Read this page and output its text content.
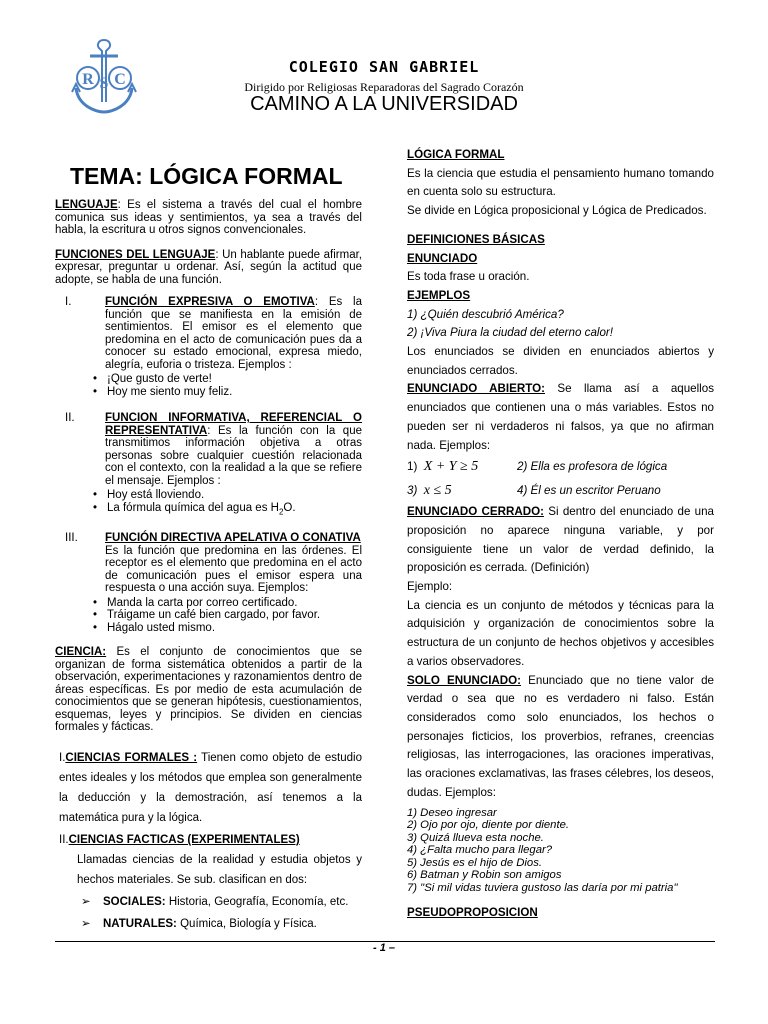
R S C
COLEGIO SAN GABRIEL
Dirigido por Religiosas Reparadoras del Sagrado Corazón
CAMINO A LA UNIVERSIDAD
TEMA: LÓGICA FORMAL

LENGUAJE: Es el sistema a través del cual el hombre comunica sus ideas y sentimientos, ya sea a través del habla, la escritura u otros signos convencionales.

FUNCIONES DEL LENGUAJE: Un hablante puede afirmar, expresar, preguntar u ordenar. Así, según la actitud que adopte, se habla de una función.

I.	FUNCIÓN EXPRESIVA O EMOTIVA: Es la función que se manifiesta en la emisión de sentimientos. El emisor es el elemento que predomina en el acto de comunicación pues da a conocer su estado emocional, expresa miedo, alegría, euforia o tristeza. Ejemplos :
• ¡Que gusto de verte!
• Hoy me siento muy feliz.
II.	FUNCION INFORMATIVA, REFERENCIAL O REPRESENTATIVA: Es la función con la que transmitimos información objetiva a otras personas sobre cualquier cuestión relacionada con el contexto, con la realidad a la que se refiere el mensaje. Ejemplos :
• Hoy está lloviendo.
• La fórmula química del agua es $H_2O$.
III.	FUNCIÓN DIRECTIVA APELATIVA O CONATIVA
Es la función que predomina en las órdenes. El receptor es el elemento que predomina en el acto de comunicación pues el emisor espera una respuesta o una acción suya. Ejemplos:
• Manda la carta por correo certificado.
• Tráigame un café bien cargado, por favor.
• Hágalo usted mismo.

CIENCIA: Es el conjunto de conocimientos que se organizan de forma sistemática obtenidos a partir de la observación, experimentaciones y razonamientos dentro de áreas específicas. Es por medio de esta acumulación de conocimientos que se generan hipótesis, cuestionamientos, esquemas, leyes y principios. Se dividen en ciencias formales y fácticas.

I.CIENCIAS FORMALES : Tienen como objeto de estudio entes ideales y los métodos que emplea son generalmente la deducción y la demostración, así tenemos a la matemática pura y la lógica.

II.CIENCIAS FACTICAS (EXPERIMENTALES)

Llamadas ciencias de la realidad y estudia objetos y hechos materiales. Se sub. clasifican en dos:

➢	SOCIALES: Historia, Geografía, Economía, etc.
➢	NATURALES: Química, Biología y Física.

LÓGICA FORMAL

Es la ciencia que estudia el pensamiento humano tomando en cuenta solo su estructura.

Se divide en Lógica proposicional y Lógica de Predicados.

DEFINICIONES BÁSICAS

ENUNCIADO

Es toda frase u oración.

EJEMPLOS

1) ¿Quién descubrió América?

2) ¡Viva Piura la ciudad del eterno calor!

Los enunciados se dividen en enunciados abiertos y enunciados cerrados.

ENUNCIADO ABIERTO: Se llama así a aquellos enunciados que contienen una o más variables. Estos no pueden ser ni verdaderos ni falsos, ya que no afirman nada. Ejemplos:

1) X + Y ≥ 5	2) Ella es profesora de lógica
3) x ≤ 5	4) Él es un escritor Peruano

ENUNCIADO CERRADO: Si dentro del enunciado de una proposición no aparece ninguna variable, y por consiguiente tiene un valor de verdad definido, la proposición es cerrada. (Definición)

Ejemplo:

La ciencia es un conjunto de métodos y técnicas para la adquisición y organización de conocimientos sobre la estructura de un conjunto de hechos objetivos y accesibles a varios observadores.

SOLO ENUNCIADO: Enunciado que no tiene valor de verdad o sea que no es verdadero ni falso. Están considerados como solo enunciados, los hechos o personajes ficticios, los proverbios, refranes, creencias religiosas, las interrogaciones, las oraciones imperativas, las oraciones exclamativas, las frases célebres, los deseos, dudas. Ejemplos:

1) Deseo ingresar

2) Ojo por ojo, diente por diente.

3) Quizá llueva esta noche.

4) ¿Falta mucho para llegar?

5) Jesús es el hijo de Dios.

6) Batman y Robin son amigos

7) "Si mil vidas tuviera gustoso las daría por mi patria"

PSEUDOPROPOSICION

- 1 –
